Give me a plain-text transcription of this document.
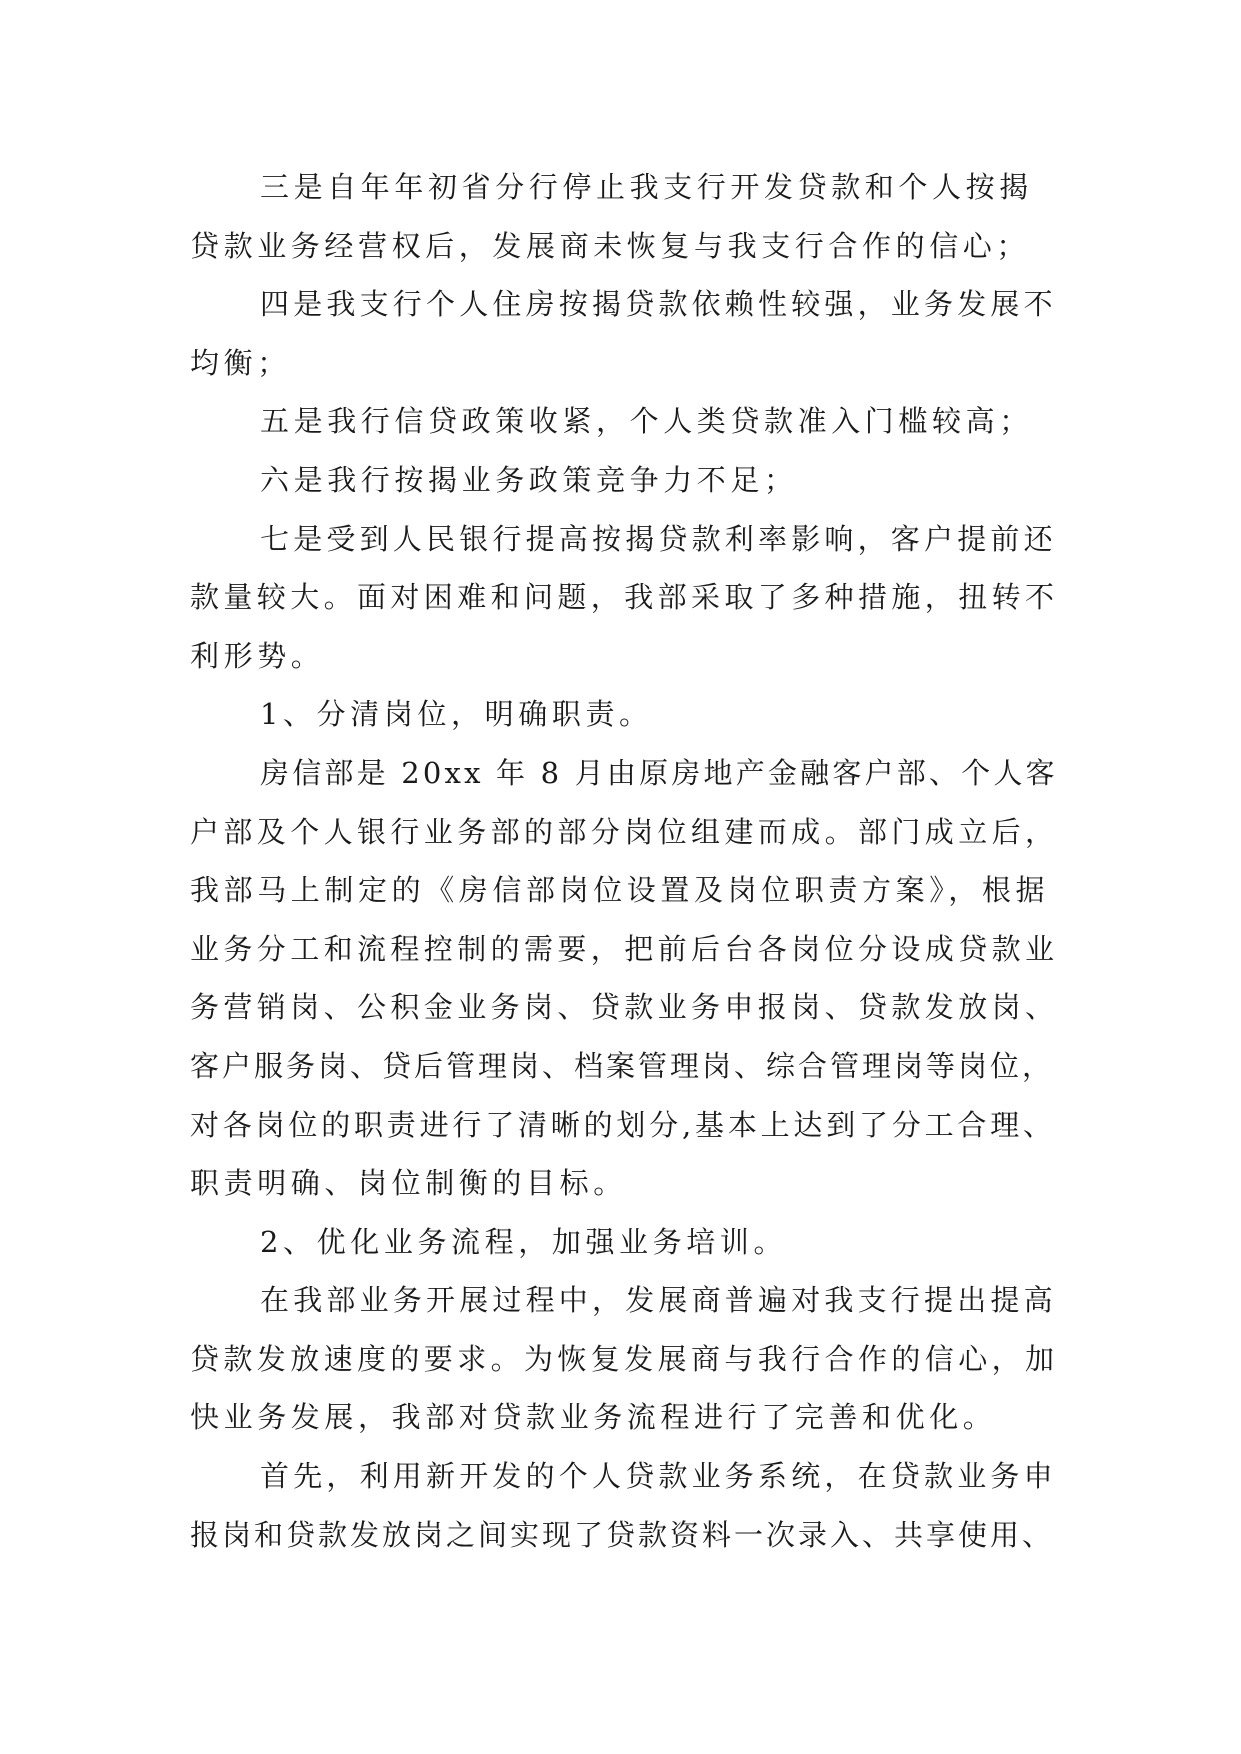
三是自年年初省分行停止我支行开发贷款和个人按揭
贷款业务经营权后，发展商未恢复与我支行合作的信心；
四是我支行个人住房按揭贷款依赖性较强，业务发展不
均衡；
五是我行信贷政策收紧，个人类贷款准入门槛较高；
六是我行按揭业务政策竞争力不足；
七是受到人民银行提高按揭贷款利率影响，客户提前还
款量较大。面对困难和问题，我部采取了多种措施，扭转不
利形势。
1、分清岗位，明确职责。
房信部是 20xx 年 8 月由原房地产金融客户部、个人客
户部及个人银行业务部的部分岗位组建而成。部门成立后，
我部马上制定的《房信部岗位设置及岗位职责方案》，根据
业务分工和流程控制的需要，把前后台各岗位分设成贷款业
务营销岗、公积金业务岗、贷款业务申报岗、贷款发放岗、
客户服务岗、贷后管理岗、档案管理岗、综合管理岗等岗位，
对各岗位的职责进行了清晰的划分,基本上达到了分工合理、
职责明确、岗位制衡的目标。
2、优化业务流程，加强业务培训。
在我部业务开展过程中，发展商普遍对我支行提出提高
贷款发放速度的要求。为恢复发展商与我行合作的信心，加
快业务发展，我部对贷款业务流程进行了完善和优化。
首先，利用新开发的个人贷款业务系统，在贷款业务申
报岗和贷款发放岗之间实现了贷款资料一次录入、共享使用、
